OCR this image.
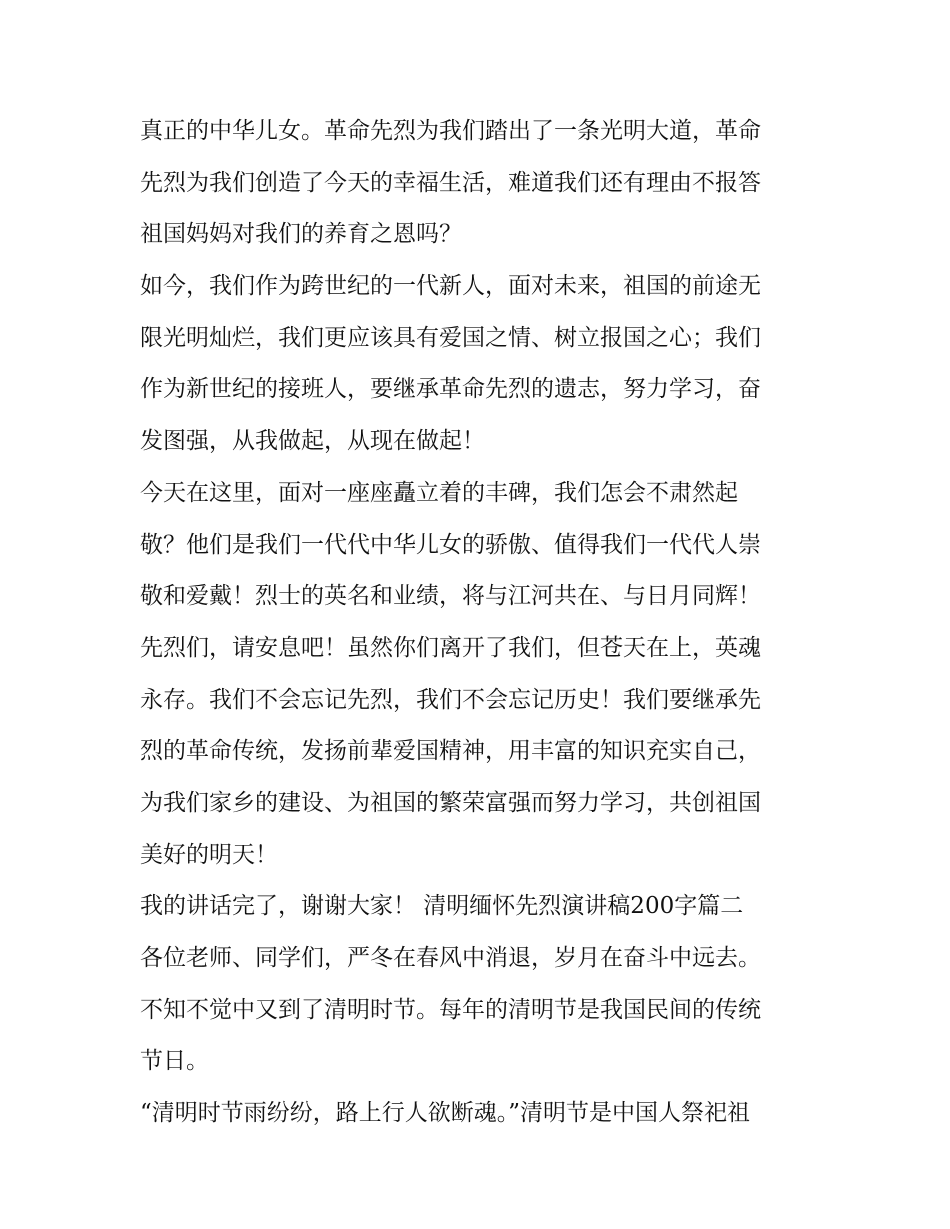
真正的中华儿女。革命先烈为我们踏出了一条光明大道，革命
先烈为我们创造了今天的幸福生活，难道我们还有理由不报答
祖国妈妈对我们的养育之恩吗？
如今，我们作为跨世纪的一代新人，面对未来，祖国的前途无
限光明灿烂，我们更应该具有爱国之情、树立报国之心；我们
作为新世纪的接班人，要继承革命先烈的遗志，努力学习，奋
发图强，从我做起，从现在做起！
今天在这里，面对一座座矗立着的丰碑，我们怎会不肃然起
敬？他们是我们一代代中华儿女的骄傲、值得我们一代代人崇
敬和爱戴！烈士的英名和业绩，将与江河共在、与日月同辉！
先烈们，请安息吧！虽然你们离开了我们，但苍天在上，英魂
永存。我们不会忘记先烈，我们不会忘记历史！我们要继承先
烈的革命传统，发扬前辈爱国精神，用丰富的知识充实自己，
为我们家乡的建设、为祖国的繁荣富强而努力学习，共创祖国
美好的明天！
我的讲话完了，谢谢大家！ 清明缅怀先烈演讲稿200字篇二
各位老师、同学们，严冬在春风中消退，岁月在奋斗中远去。
不知不觉中又到了清明时节。每年的清明节是我国民间的传统
节日。
“清明时节雨纷纷，路上行人欲断魂。”清明节是中国人祭祀祖
